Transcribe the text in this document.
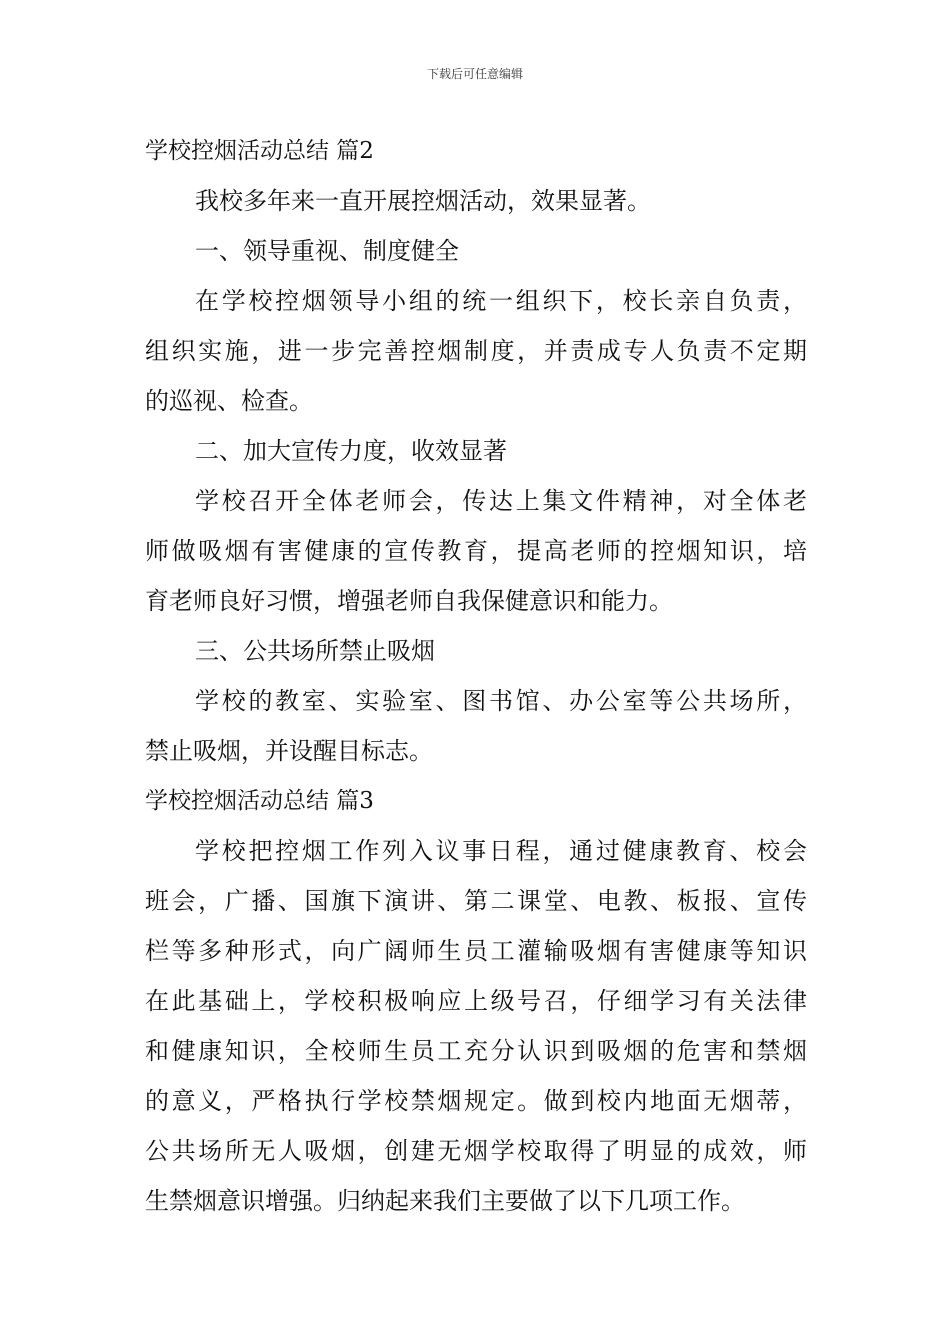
下载后可任意编辑

学校控烟活动总结 篇2

我校多年来一直开展控烟活动，效果显著。

一、领导重视、制度健全

在学校控烟领导小组的统一组织下，校长亲自负责，

组织实施，进一步完善控烟制度，并责成专人负责不定期

的巡视、检查。

二、加大宣传力度，收效显著

学校召开全体老师会，传达上集文件精神，对全体老

师做吸烟有害健康的宣传教育，提高老师的控烟知识，培

育老师良好习惯，增强老师自我保健意识和能力。

三、公共场所禁止吸烟

学校的教室、实验室、图书馆、办公室等公共场所，

禁止吸烟，并设醒目标志。

学校控烟活动总结 篇3

学校把控烟工作列入议事日程，通过健康教育、校会

班会，广播、国旗下演讲、第二课堂、电教、板报、宣传

栏等多种形式，向广阔师生员工灌输吸烟有害健康等知识

在此基础上，学校积极响应上级号召，仔细学习有关法律

和健康知识，全校师生员工充分认识到吸烟的危害和禁烟

的意义，严格执行学校禁烟规定。做到校内地面无烟蒂，

公共场所无人吸烟，创建无烟学校取得了明显的成效，师

生禁烟意识增强。归纳起来我们主要做了以下几项工作。
